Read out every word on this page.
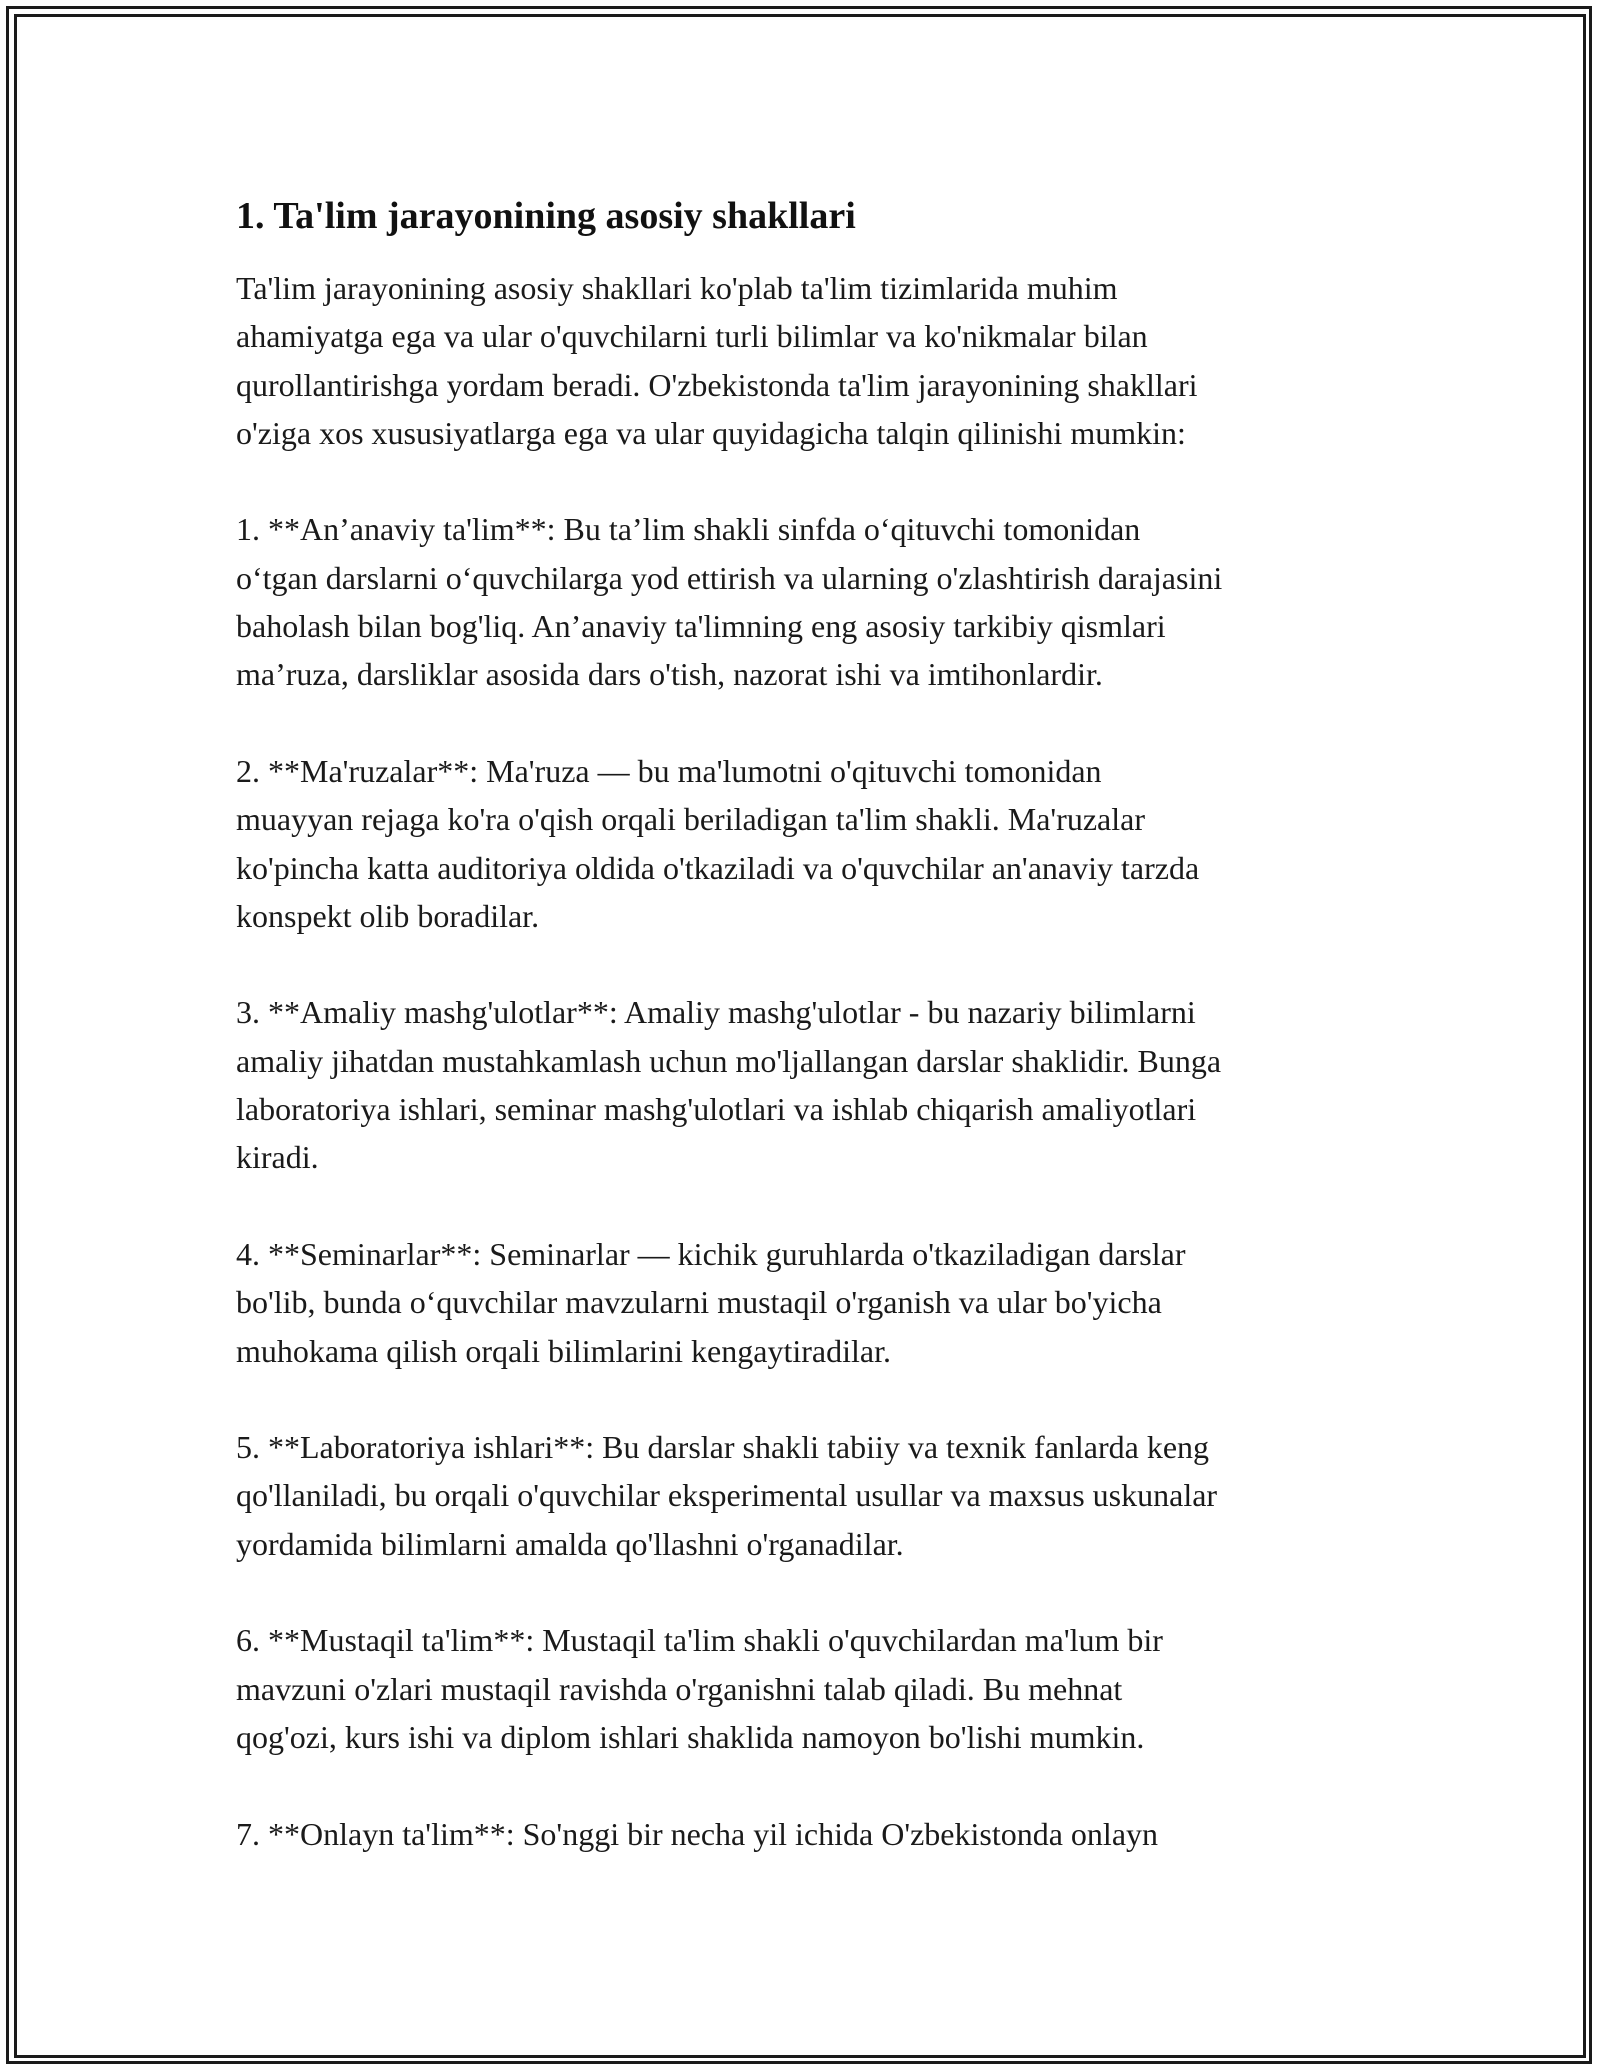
1. Ta'lim jarayonining asosiy shakllari
Ta'lim jarayonining asosiy shakllari ko'plab ta'lim tizimlarida muhim
ahamiyatga ega va ular o'quvchilarni turli bilimlar va ko'nikmalar bilan
qurollantirishga yordam beradi. O'zbekistonda ta'lim jarayonining shakllari
o'ziga xos xususiyatlarga ega va ular quyidagicha talqin qilinishi mumkin:
1. **An’anaviy ta'lim**: Bu ta’lim shakli sinfda o‘qituvchi tomonidan
o‘tgan darslarni o‘quvchilarga yod ettirish va ularning o'zlashtirish darajasini
baholash bilan bog'liq. An’anaviy ta'limning eng asosiy tarkibiy qismlari
ma’ruza, darsliklar asosida dars o'tish, nazorat ishi va imtihonlardir.
2. **Ma'ruzalar**: Ma'ruza — bu ma'lumotni o'qituvchi tomonidan
muayyan rejaga ko'ra o'qish orqali beriladigan ta'lim shakli. Ma'ruzalar
ko'pincha katta auditoriya oldida o'tkaziladi va o'quvchilar an'anaviy tarzda
konspekt olib boradilar.
3. **Amaliy mashg'ulotlar**: Amaliy mashg'ulotlar - bu nazariy bilimlarni
amaliy jihatdan mustahkamlash uchun mo'ljallangan darslar shaklidir. Bunga
laboratoriya ishlari, seminar mashg'ulotlari va ishlab chiqarish amaliyotlari
kiradi.
4. **Seminarlar**: Seminarlar — kichik guruhlarda o'tkaziladigan darslar
bo'lib, bunda o‘quvchilar mavzularni mustaqil o'rganish va ular bo'yicha
muhokama qilish orqali bilimlarini kengaytiradilar.
5. **Laboratoriya ishlari**: Bu darslar shakli tabiiy va texnik fanlarda keng
qo'llaniladi, bu orqali o'quvchilar eksperimental usullar va maxsus uskunalar
yordamida bilimlarni amalda qo'llashni o'rganadilar.
6. **Mustaqil ta'lim**: Mustaqil ta'lim shakli o'quvchilardan ma'lum bir
mavzuni o'zlari mustaqil ravishda o'rganishni talab qiladi. Bu mehnat
qog'ozi, kurs ishi va diplom ishlari shaklida namoyon bo'lishi mumkin.
7. **Onlayn ta'lim**: So'nggi bir necha yil ichida O'zbekistonda onlayn
